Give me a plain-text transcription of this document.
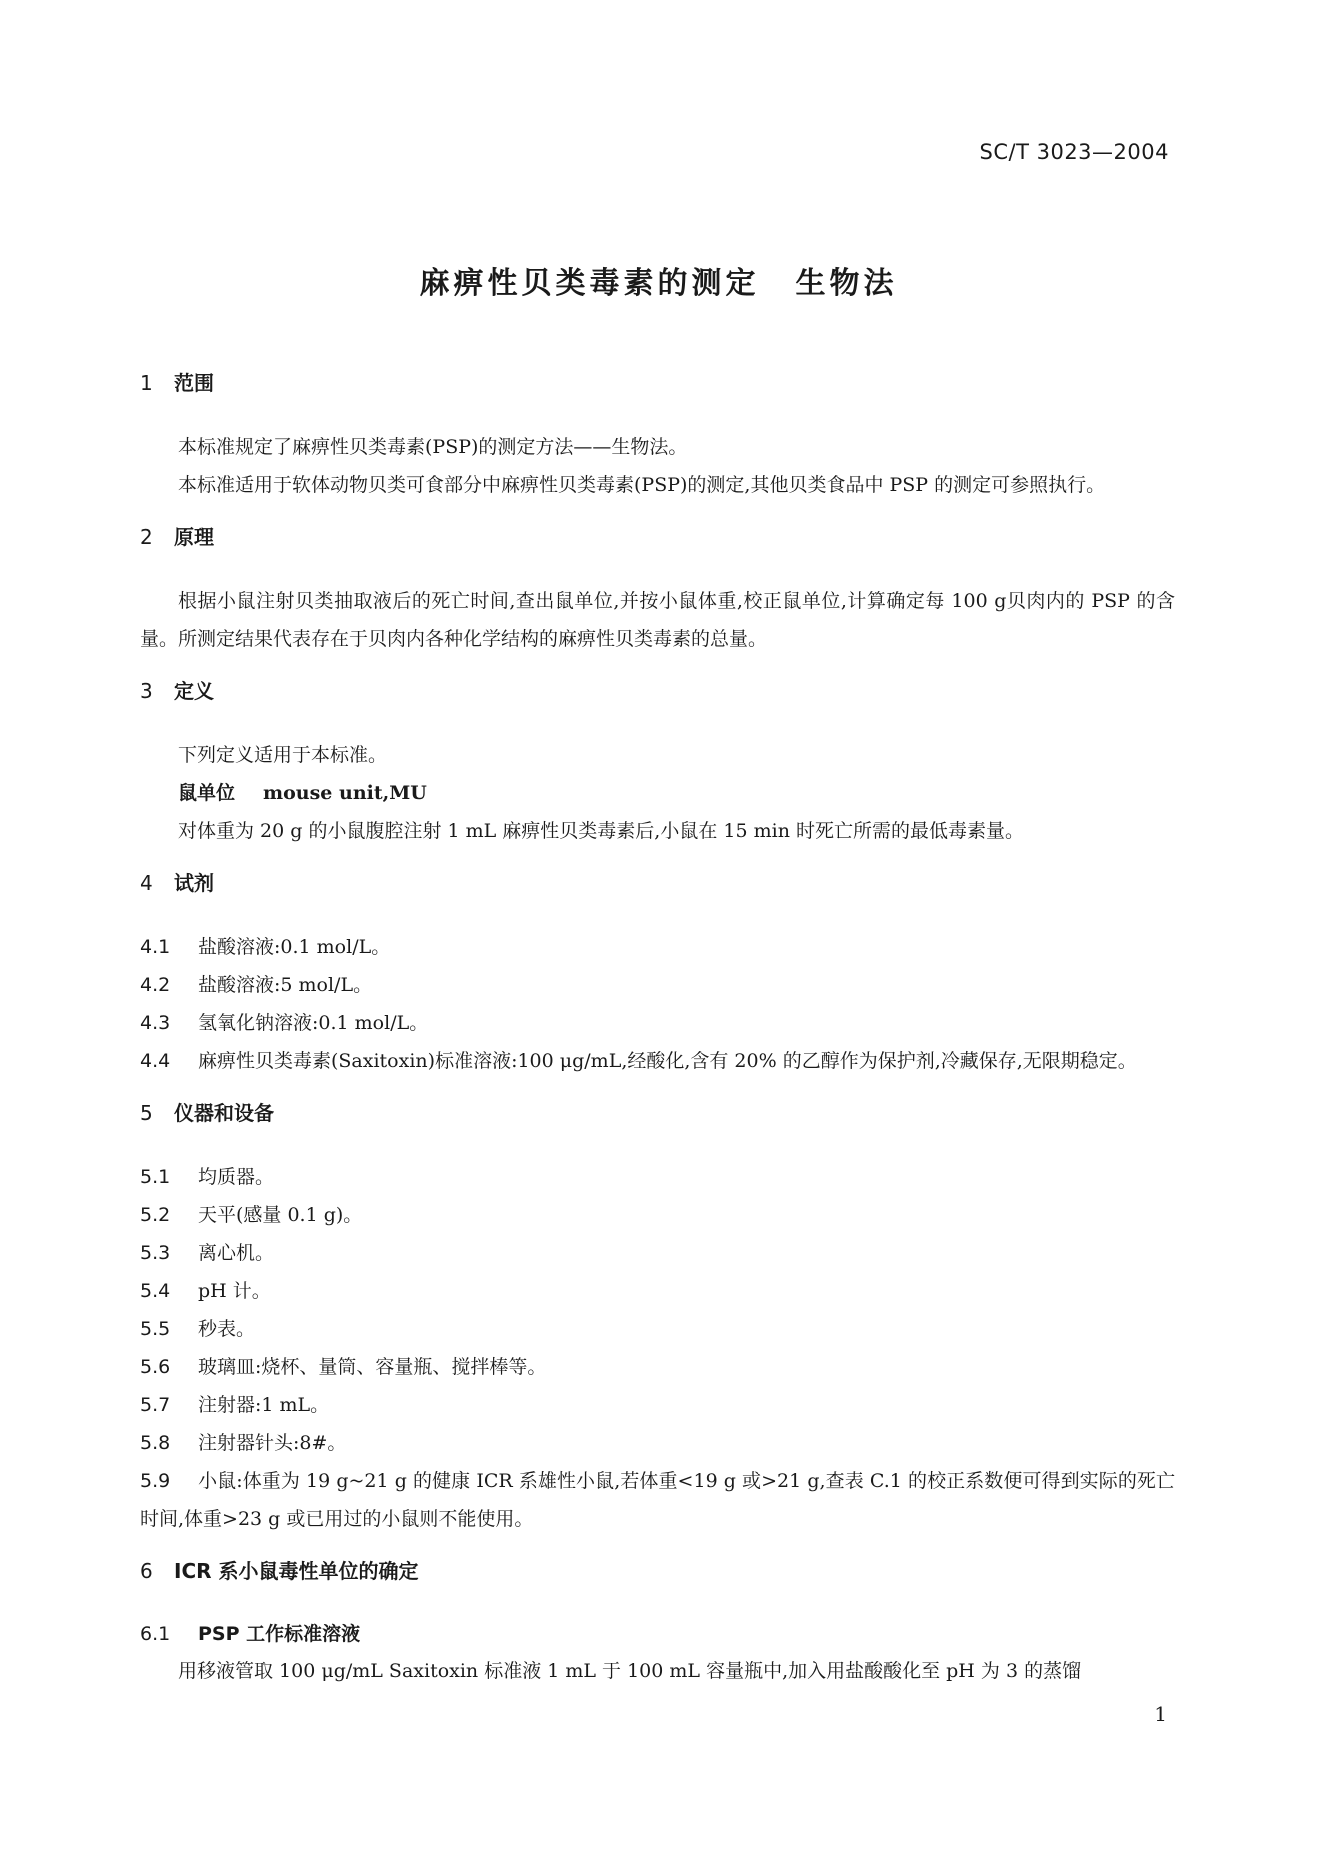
SC/T 3023—2004
麻痹性贝类毒素的测定 生物法
1 范围

本标准规定了麻痹性贝类毒素(PSP)的测定方法——生物法。

本标准适用于软体动物贝类可食部分中麻痹性贝类毒素(PSP)的测定,其他贝类食品中 PSP 的测定可参照执行。

2 原理

根据小鼠注射贝类抽取液后的死亡时间,查出鼠单位,并按小鼠体重,校正鼠单位,计算确定每 100 g贝肉内的 PSP 的含量。所测定结果代表存在于贝肉内各种化学结构的麻痹性贝类毒素的总量。

3 定义

下列定义适用于本标准。

鼠单位 mouse unit,MU

对体重为 20 g 的小鼠腹腔注射 1 mL 麻痹性贝类毒素后,小鼠在 15 min 时死亡所需的最低毒素量。

4 试剂

4.1 盐酸溶液:0.1 mol/L。

4.2 盐酸溶液:5 mol/L。

4.3 氢氧化钠溶液:0.1 mol/L。

4.4 麻痹性贝类毒素(Saxitoxin)标准溶液:100 μg/mL,经酸化,含有 20% 的乙醇作为保护剂,冷藏保存,无限期稳定。

5 仪器和设备

5.1 均质器。

5.2 天平(感量 0.1 g)。

5.3 离心机。

5.4 pH 计。

5.5 秒表。

5.6 玻璃皿:烧杯、量筒、容量瓶、搅拌棒等。

5.7 注射器:1 mL。

5.8 注射器针头:8#。

5.9 小鼠:体重为 19 g~21 g 的健康 ICR 系雄性小鼠,若体重<19 g 或>21 g,查表 C.1 的校正系数便可得到实际的死亡时间,体重>23 g 或已用过的小鼠则不能使用。

6 ICR 系小鼠毒性单位的确定
6.1 PSP 工作标准溶液

用移液管取 100 μg/mL Saxitoxin 标准液 1 mL 于 100 mL 容量瓶中,加入用盐酸酸化至 pH 为 3 的蒸馏

1
